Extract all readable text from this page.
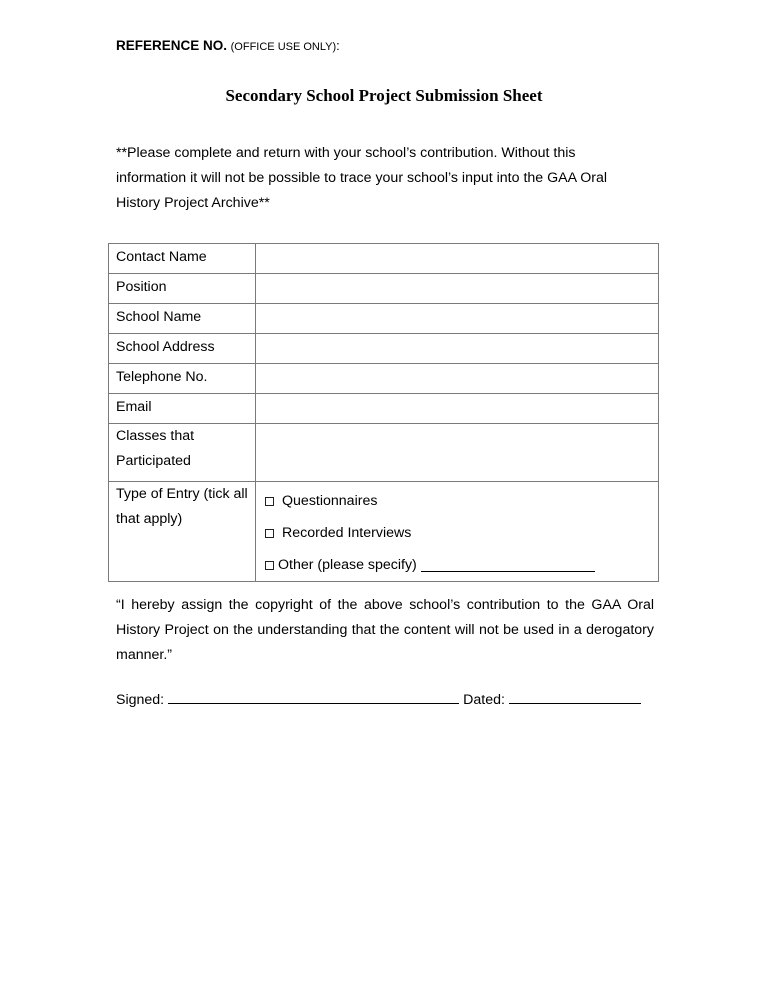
REFERENCE NO. (OFFICE USE ONLY):
Secondary School Project Submission Sheet
**Please complete and return with your school’s contribution. Without this information it will not be possible to trace your school’s input into the GAA Oral History Project Archive**
Contact Name	
Position	
School Name	
School Address	
Telephone No.	
Email	
Classes that Participated	
Type of Entry (tick all that apply)	Questionnaires
Recorded Interviews
Other (please specify)
“I hereby assign the copyright of the above school’s contribution to the GAA Oral History Project on the understanding that the content will not be used in a derogatory manner.”
Signed:	Dated:
